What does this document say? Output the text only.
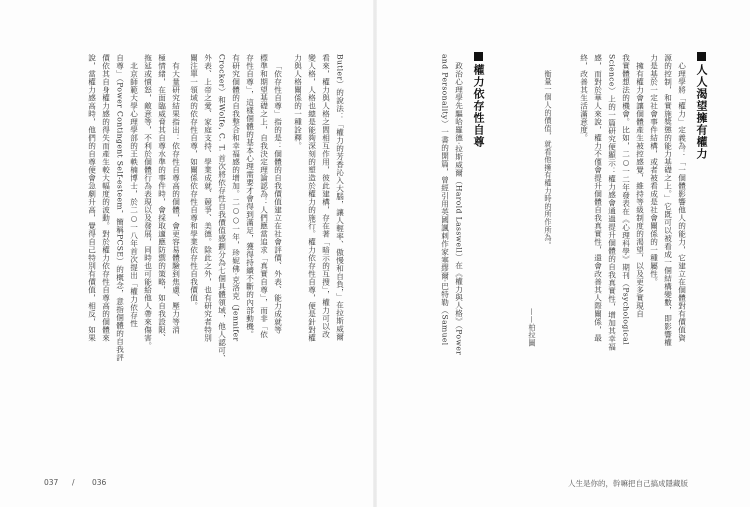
人人渴望擁有權力
心理學將「權力」定義為：「一個體影響他人的能力，它建立在個體對有價值資
源的控制，和實施獎懲的能力基礎之上。」它既可以被看成一個結構變數，即影響權
力是基於一定社會事件結構，或者被看成是社會關係的一種屬性。
擁有權力會讓個體產生被控感覺，維持等級制度的渴望，以及更多實現自
我實體想法的機會。比如，二○一二年發表在《心理科學》期刊（Psychological
Science）上的一篇研究便顯示：權力感會通過提升個體的自我真實性，增加其幸福
感，而對於華人來說，權力不僅會提升個體自我真實性，還會改善其人際關係，最
終，改善其生活滿意度。
衡量一個人的價值，就看他擁有權力時的所作所為。
——柏拉圖
人生是你的，幹嘛把自己搞成隱藏版
Butler）的說法：「權力的芳香沁入大腦，讓人輕率、傲慢和自負，」在拉斯威爾
看來，權力與人格之間相互作用，彼此建構，存在著「暗示的互搜」，權力可以改
變人格，人格也總是能夠深刻的塑造於權力的施行。權力依存性自尊，便是針對權
力與人格關係的一種詮釋。
「依存性自尊」指的是：個體的自我價值建立在社會評價、外表、能力成就等
標準和期望基礎之上，自我決定理論認為：人們應當追求「真實自尊」，而非「依
存性自尊」，這樣個體的基本心理需要才會得到滿足，獲得持續不斷的內部動機。
有研究個體的自我整合和幸福感的增加。二○○一年，珍妮佛·克洛克（Jennifer
Crocker）和Wolfe, C. T. 首次將依存性自我價值感劃分為七個具體領域，他人認可、
外表、上帝之愛、家庭支持、學業成就、競爭、美德。除此之外，也有研究者特別
關注單一領域的依存性自尊，如關係依存性自尊和學業依存性自我價值。
有大量研究結果指出：依存性自尊高的個體，會更容易體驗到焦慮、壓力等消
極情緒，在面臨威脅其自尊水準的事件時，會採取適應防禦的策略，如自我設限、
拖延或憤怒，敵意等，不利於個體行為表現以及發展，同時也可能給他人帶來傷害。
北京師範大學心理學部的王軼楠博士，於二○一八年首次提出「權力依存性
自尊」（Power Contingent Self-esteem，簡稱PCSE）的概念，意指個體的自我評
價依其自身權力感的得失而產生較大幅度的波動。對於權力依存性自尊高的個體來
說，當權力感高時，他們的自尊便會急劇升高，覺得自己特別有價值，相反，如果
037 / 036
權力依存性自尊
政治心理學先驅哈羅德·拉斯威爾（Harold Lasswell）在《權力與人格》（Power
and Personality）一書的開篇，曾經引用英國諷刺作家塞繆爾·巴特勒（Samuel
